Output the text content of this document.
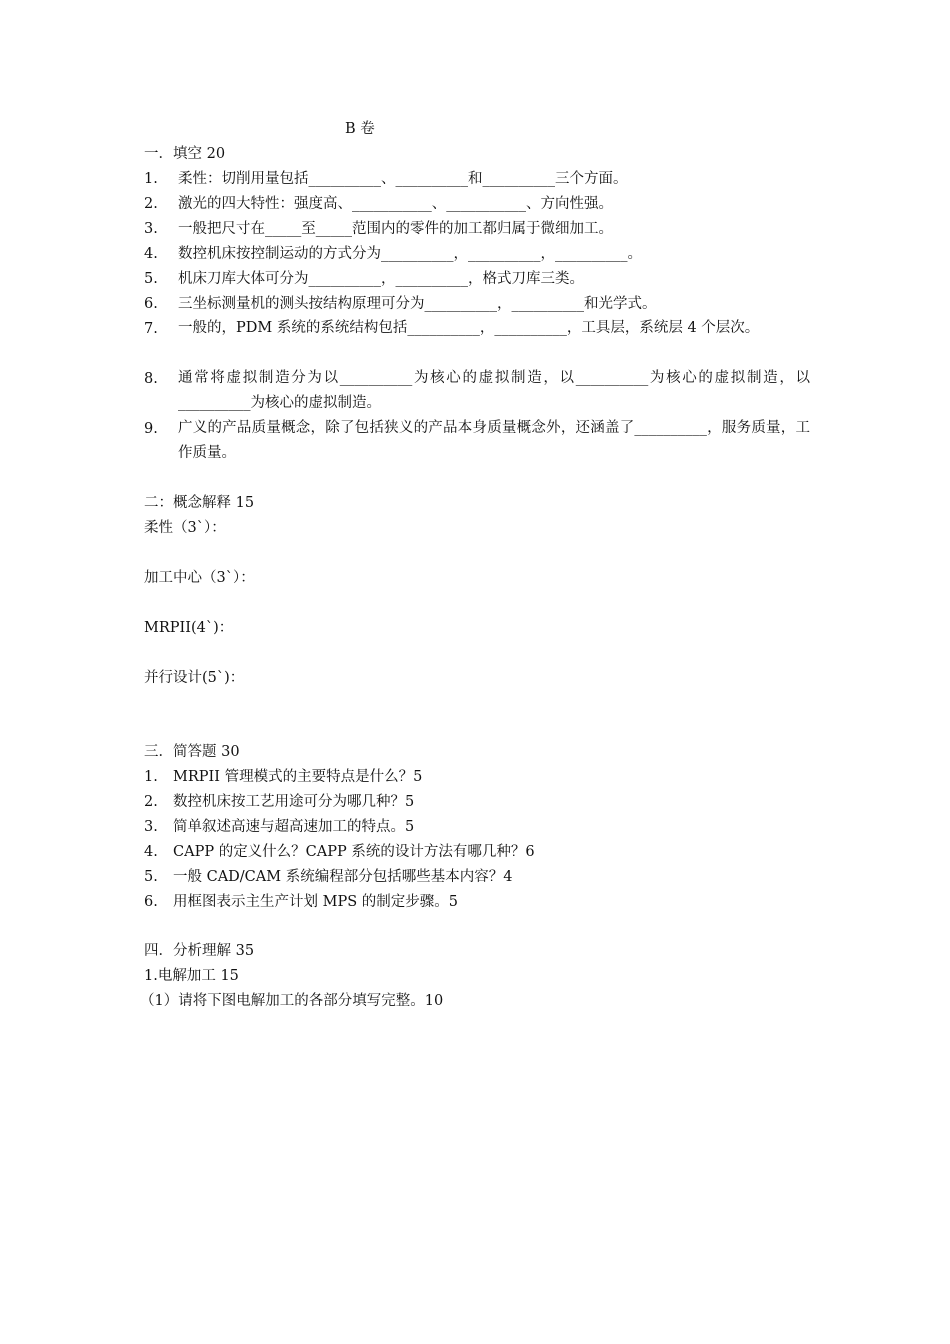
B 卷
一．填空 20
1. 柔性：切削用量包括__________、__________和__________三个方面。
2. 激光的四大特性：强度高、___________、___________、方向性强。
3. 一般把尺寸在_____至_____范围内的零件的加工都归属于微细加工。
4. 数控机床按控制运动的方式分为__________，__________，__________。
5. 机床刀库大体可分为__________，__________，格式刀库三类。
6. 三坐标测量机的测头按结构原理可分为__________，__________和光学式。
7. 一般的，PDM 系统的系统结构包括__________，__________，工具层，系统层 4 个层次。
8. 通常将虚拟制造分为以__________为核心的虚拟制造，以__________为核心的虚拟制造，以__________为核心的虚拟制造。
9. 广义的产品质量概念，除了包括狭义的产品本身质量概念外，还涵盖了__________，服务质量，工作质量。
二：概念解释 15
柔性（3`）：
加工中心（3`）：
MRPII(4`)：
并行设计(5`)：
三．简答题 30
1. MRPII 管理模式的主要特点是什么？5
2. 数控机床按工艺用途可分为哪几种？5
3. 简单叙述高速与超高速加工的特点。5
4. CAPP 的定义什么？CAPP 系统的设计方法有哪几种？6
5. 一般 CAD/CAM 系统编程部分包括哪些基本内容？4
6. 用框图表示主生产计划 MPS 的制定步骤。5
四．分析理解 35
1.电解加工 15
（1）请将下图电解加工的各部分填写完整。10
